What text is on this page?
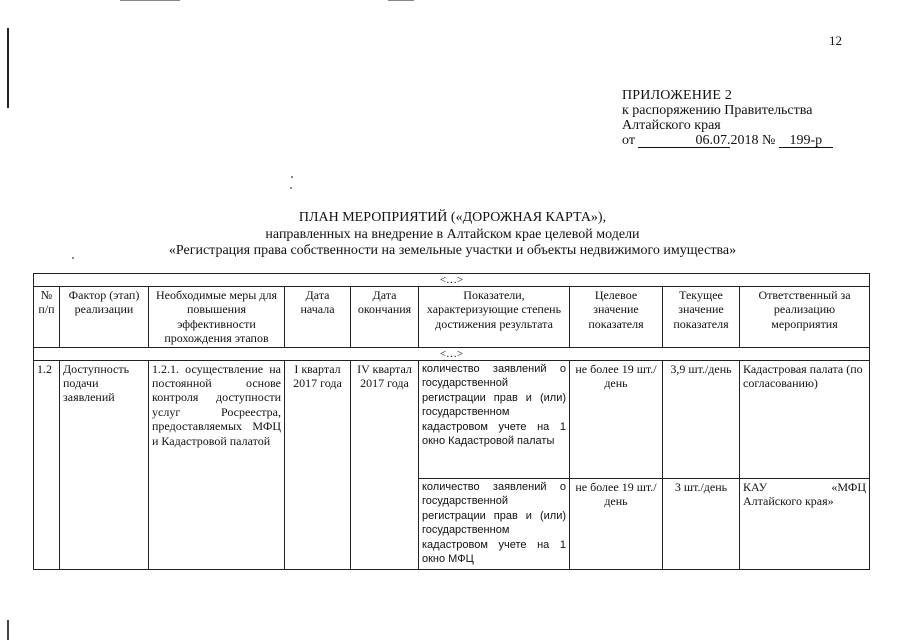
12
ПРИЛОЖЕНИЕ 2
к распоряжению Правительства
Алтайского края
от	06.07.2018 № 199-р
ПЛАН МЕРОПРИЯТИЙ («ДОРОЖНАЯ КАРТА»),
направленных на внедрение в Алтайском крае целевой модели
«Регистрация права собственности на земельные участки и объекты недвижимого имущества»
<…>								
№ п/п	Фактор (этап) реализации	Необходимые меры для повышения эффективности прохождения этапов	Дата начала	Дата окончания	Показатели, характеризующие степень достижения результата	Целевое значение показателя	Текущее значение показателя	Ответственный за реализацию мероприятия
<…>								
1.2	Доступность подачи заявлений	1.2.1. осуществление на постоянной основе контроля доступности услуг Росреестра, предоставляемых МФЦ и Кадастровой палатой	I квартал 2017 года	IV квартал 2017 года	количество заявлений о государственной регистрации прав и (или) государственном кадастровом учете на 1 окно Кадастровой палаты	не более 19 шт./день	3,9 шт./день	Кадастровая палата (по согласованию)
					количество заявлений о государственной регистрации прав и (или) государственном кадастровом учете на 1 окно МФЦ	не более 19 шт./день	3 шт./день	КАУ «МФЦ Алтайского края»
